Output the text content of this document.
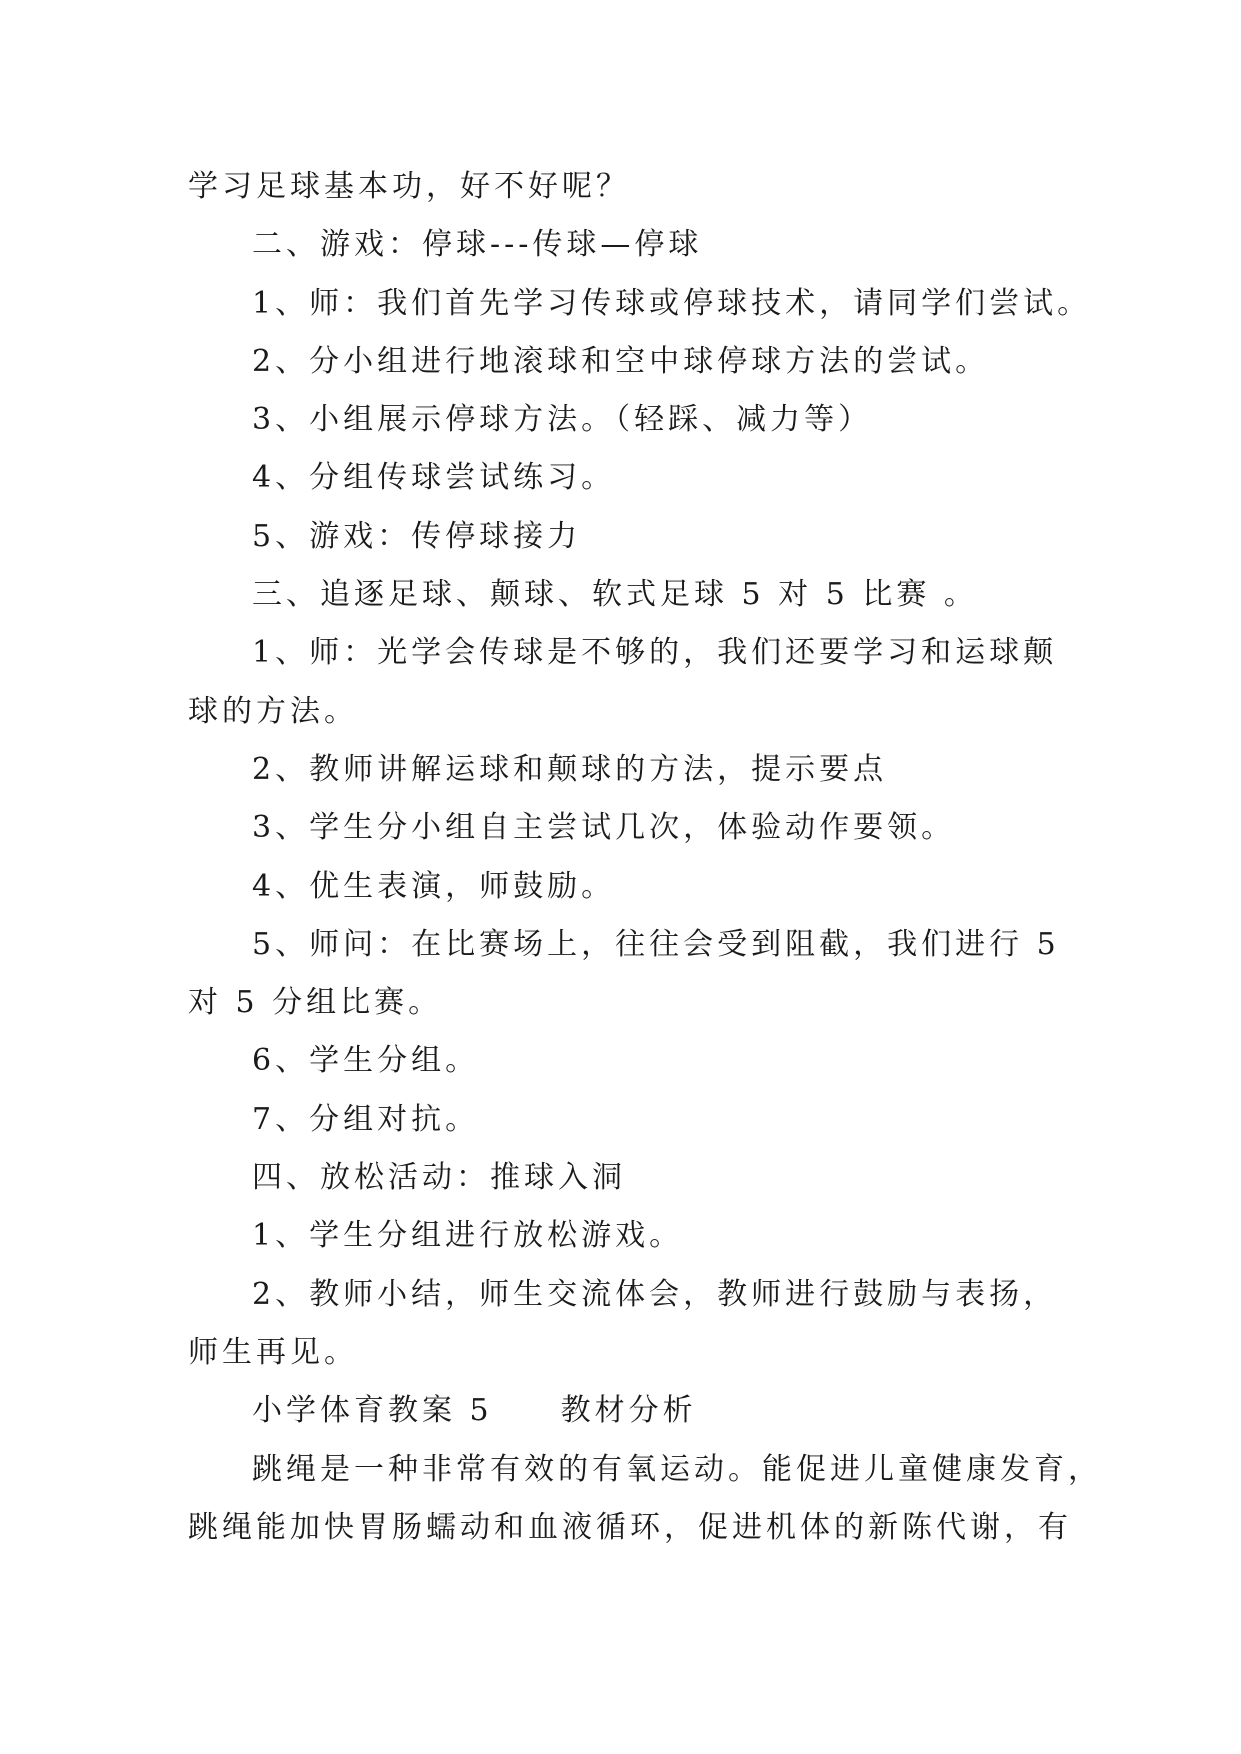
学习足球基本功，好不好呢？
二、游戏：停球---传球—停球
1、师：我们首先学习传球或停球技术，请同学们尝试。
2、分小组进行地滚球和空中球停球方法的尝试。
3、小组展示停球方法。（轻踩、减力等）
4、分组传球尝试练习。
5、游戏：传停球接力
三、追逐足球、颠球、软式足球 5 对 5 比赛 。
1、师：光学会传球是不够的，我们还要学习和运球颠
球的方法。
2、教师讲解运球和颠球的方法，提示要点
3、学生分小组自主尝试几次，体验动作要领。
4、优生表演，师鼓励。
5、师问：在比赛场上，往往会受到阻截，我们进行 5
对 5 分组比赛。
6、学生分组。
7、分组对抗。
四、放松活动：推球入洞
1、学生分组进行放松游戏。
2、教师小结，师生交流体会，教师进行鼓励与表扬，
师生再见。
小学体育教案 5　　教材分析
跳绳是一种非常有效的有氧运动。能促进儿童健康发育，
跳绳能加快胃肠蠕动和血液循环，促进机体的新陈代谢，有
